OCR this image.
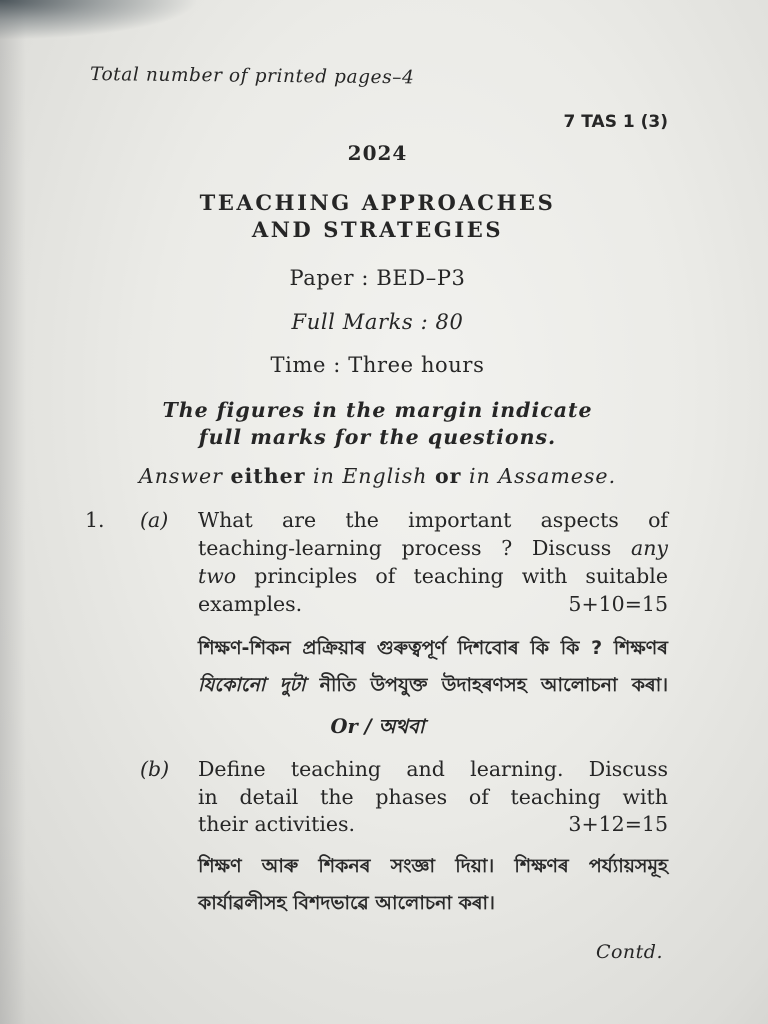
Total number of printed pages–4
7 TAS 1 (3)
2024
TEACHING APPROACHES
AND STRATEGIES
Paper : BED–P3
Full Marks : 80
Time : Three hours
The figures in the margin indicate
full marks for the questions.
Answer either in English or in Assamese.
1. (a) What are the important aspects of
teaching-learning process ? Discuss any
two principles of teaching with suitable
examples.	5+10=15
শিক্ষণ-শিকন প্ৰক্ৰিয়াৰ গুৰুত্বপূৰ্ণ দিশবোৰ কি কি ? শিক্ষণৰ
যিকোনো দুটা নীতি উপযুক্ত উদাহৰণসহ আলোচনা কৰা।
Or / অথবা
(b) Define teaching and learning. Discuss
in detail the phases of teaching with
their activities.	3+12=15
শিক্ষণ আৰু শিকনৰ সংজ্ঞা দিয়া। শিক্ষণৰ পৰ্য্যায়সমূহ
কাৰ্যাৱলীসহ বিশদভাৱে আলোচনা কৰা।
Contd.
